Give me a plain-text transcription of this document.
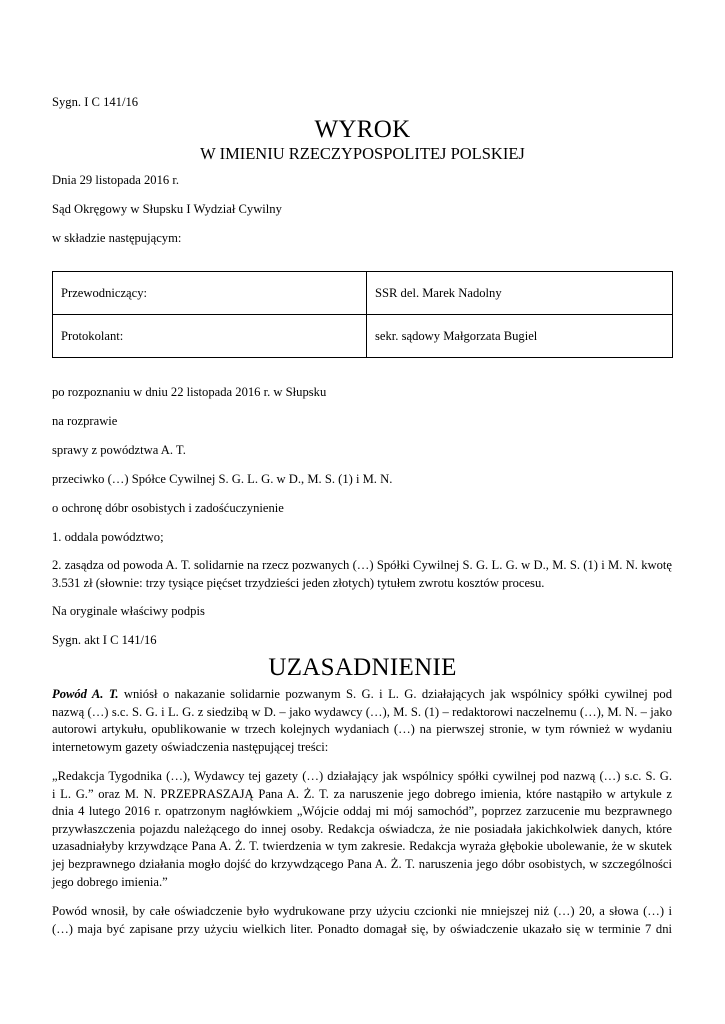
Sygn. I C 141/16
WYROK
W IMIENIU RZECZYPOSPOLITEJ POLSKIEJ
Dnia 29 listopada 2016 r.
Sąd Okręgowy w Słupsku I Wydział Cywilny
w składzie następującym:
Przewodniczący:	SSR del. Marek Nadolny
Protokolant:	sekr. sądowy Małgorzata Bugiel
po rozpoznaniu w dniu 22 listopada 2016 r. w Słupsku
na rozprawie
sprawy z powództwa A. T.
przeciwko (…) Spółce Cywilnej S. G. L. G. w D., M. S. (1) i M. N.
o ochronę dóbr osobistych i zadośćuczynienie
1. oddala powództwo;
2. zasądza od powoda A. T. solidarnie na rzecz pozwanych (…) Spółki Cywilnej S. G. L. G. w D., M. S. (1) i M. N. kwotę
3.531 zł (słownie: trzy tysiące pięćset trzydzieści jeden złotych) tytułem zwrotu kosztów procesu.
Na oryginale właściwy podpis
Sygn. akt I C 141/16
UZASADNIENIE
Powód A. T. wniósł o nakazanie solidarnie pozwanym S. G. i L. G. działających jak wspólnicy spółki cywilnej pod
nazwą (…) s.c. S. G. i L. G. z siedzibą w D. – jako wydawcy (…), M. S. (1) – redaktorowi naczelnemu (…), M. N. – jako
autorowi artykułu, opublikowanie w trzech kolejnych wydaniach (…) na pierwszej stronie, w tym również w wydaniu
internetowym gazety oświadczenia następującej treści:
„Redakcja Tygodnika (…), Wydawcy tej gazety (…) działający jak wspólnicy spółki cywilnej pod nazwą (…) s.c. S. G.
i L. G.” oraz M. N. PRZEPRASZAJĄ Pana A. Ż. T. za naruszenie jego dobrego imienia, które nastąpiło w artykule z
dnia 4 lutego 2016 r. opatrzonym nagłówkiem „Wójcie oddaj mi mój samochód”, poprzez zarzucenie mu bezprawnego
przywłaszczenia pojazdu należącego do innej osoby. Redakcja oświadcza, że nie posiadała jakichkolwiek danych, które
uzasadniałyby krzywdzące Pana A. Ż. T. twierdzenia w tym zakresie. Redakcja wyraża głębokie ubolewanie, że w skutek
jej bezprawnego działania mogło dojść do krzywdzącego Pana A. Ż. T. naruszenia jego dóbr osobistych, w szczególności
jego dobrego imienia.”
Powód wnosił, by całe oświadczenie było wydrukowane przy użyciu czcionki nie mniejszej niż (…) 20, a słowa (…) i
(…) maja być zapisane przy użyciu wielkich liter. Ponadto domagał się, by oświadczenie ukazało się w terminie 7 dni
